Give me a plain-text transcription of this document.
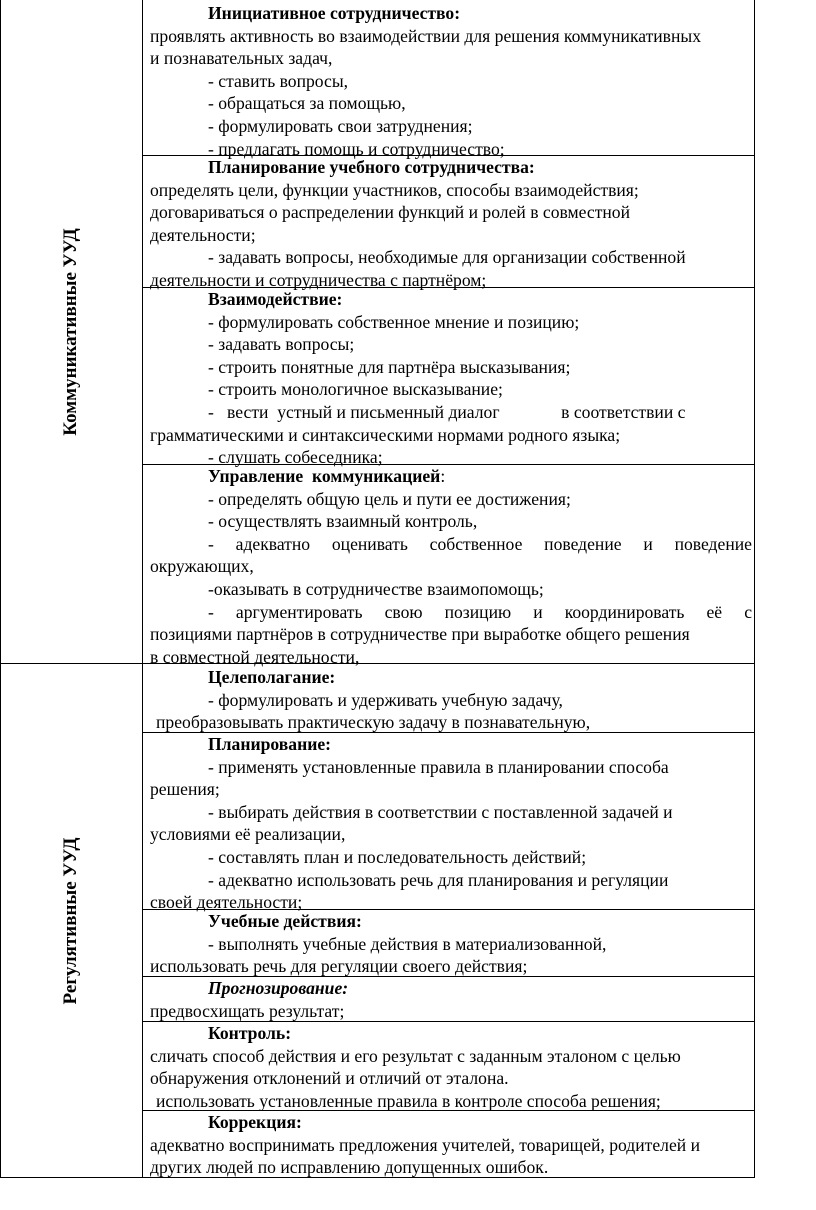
Коммуникативные УУД
Регулятивные УУД
Инициативное сотрудничество:
проявлять активность во взаимодействии для решения коммуникативных
и познавательных задач,
- ставить вопросы,
- обращаться за помощью,
- формулировать свои затруднения;
- предлагать помощь и сотрудничество;
Планирование учебного сотрудничества:
определять цели, функции участников, способы взаимодействия;
договариваться о распределении функций и ролей в совместной
деятельности;
- задавать вопросы, необходимые для организации собственной
деятельности и сотрудничества с партнёром;
Взаимодействие:
- формулировать собственное мнение и позицию;
- задавать вопросы;
- строить понятные для партнёра высказывания;
- строить монологичное высказывание;
-   вести  устный и письменный диалог              в соответствии с
грамматическими и синтаксическими нормами родного языка;
- слушать собеседника;
Управление  коммуникацией:
- определять общую цель и пути ее достижения;
- осуществлять взаимный контроль,
- адекватно оценивать собственное поведение и поведение
окружающих,
-оказывать в сотрудничестве взаимопомощь;
- аргументировать свою позицию и координировать её с
позициями партнёров в сотрудничестве при выработке общего решения
в совместной деятельности,
Целеполагание:
- формулировать и удерживать учебную задачу,
преобразовывать практическую задачу в познавательную,
Планирование:
- применять установленные правила в планировании способа
решения;
- выбирать действия в соответствии с поставленной задачей и
условиями её реализации,
- составлять план и последовательность действий;
- адекватно использовать речь для планирования и регуляции
своей деятельности;
Учебные действия:
- выполнять учебные действия в материализованной,
использовать речь для регуляции своего действия;
Прогнозирование:
предвосхищать результат;
Контроль:
сличать способ действия и его результат с заданным эталоном с целью
обнаружения отклонений и отличий от эталона.
использовать установленные правила в контроле способа решения;
Коррекция:
адекватно воспринимать предложения учителей, товарищей, родителей и
других людей по исправлению допущенных ошибок.
